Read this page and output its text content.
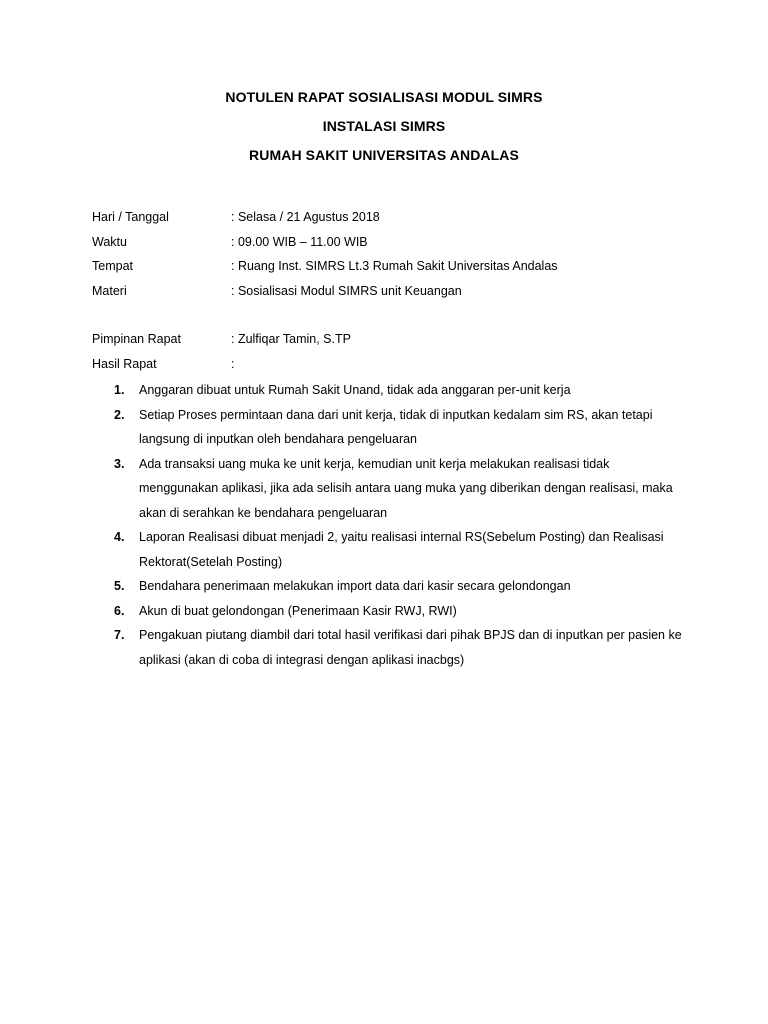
NOTULEN RAPAT SOSIALISASI MODUL SIMRS
INSTALASI SIMRS
RUMAH SAKIT UNIVERSITAS ANDALAS
Hari / Tanggal	: Selasa / 21 Agustus 2018
Waktu	: 09.00 WIB – 11.00 WIB
Tempat	: Ruang Inst. SIMRS Lt.3 Rumah Sakit Universitas Andalas
Materi	: Sosialisasi Modul SIMRS unit Keuangan
Pimpinan Rapat	: Zulfiqar Tamin, S.TP
Hasil Rapat	:
1.	Anggaran dibuat untuk Rumah Sakit Unand, tidak ada anggaran per-unit kerja
2.	Setiap Proses permintaan dana dari unit kerja, tidak di inputkan kedalam sim RS, akan tetapi langsung di inputkan oleh bendahara pengeluaran
3.	Ada transaksi uang muka ke unit kerja, kemudian unit kerja melakukan realisasi tidak menggunakan aplikasi, jika ada selisih antara uang muka yang diberikan dengan realisasi, maka akan di serahkan ke bendahara pengeluaran
4.	Laporan Realisasi dibuat menjadi 2, yaitu realisasi internal RS(Sebelum Posting) dan Realisasi Rektorat(Setelah Posting)
5.	Bendahara penerimaan melakukan import data dari kasir secara gelondongan
6.	Akun di buat gelondongan (Penerimaan Kasir RWJ, RWI)
7.	Pengakuan piutang diambil dari total hasil verifikasi dari pihak BPJS dan di inputkan per pasien ke aplikasi (akan di coba di integrasi dengan aplikasi inacbgs)
